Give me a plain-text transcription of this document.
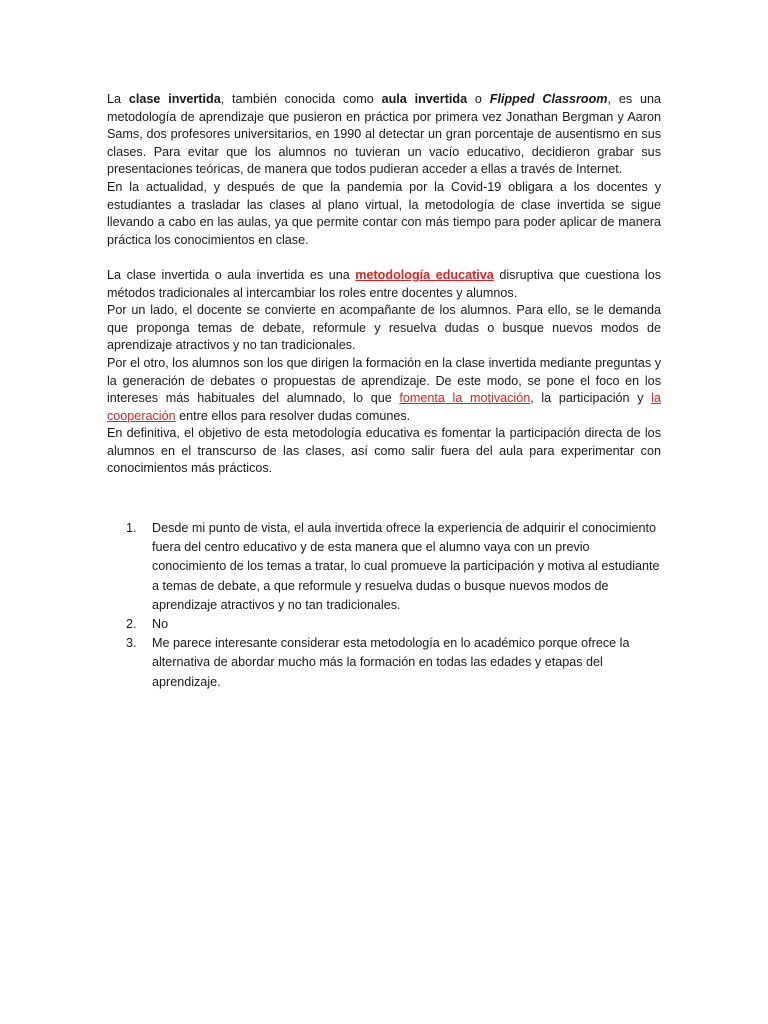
La clase invertida, también conocida como aula invertida o Flipped Classroom, es una metodología de aprendizaje que pusieron en práctica por primera vez Jonathan Bergman y Aaron Sams, dos profesores universitarios, en 1990 al detectar un gran porcentaje de ausentismo en sus clases. Para evitar que los alumnos no tuvieran un vacío educativo, decidieron grabar sus presentaciones teóricas, de manera que todos pudieran acceder a ellas a través de Internet.

En la actualidad, y después de que la pandemia por la Covid-19 obligara a los docentes y estudiantes a trasladar las clases al plano virtual, la metodología de clase invertida se sigue llevando a cabo en las aulas, ya que permite contar con más tiempo para poder aplicar de manera práctica los conocimientos en clase.

La clase invertida o aula invertida es una metodología educativa disruptiva que cuestiona los métodos tradicionales al intercambiar los roles entre docentes y alumnos.

Por un lado, el docente se convierte en acompañante de los alumnos. Para ello, se le demanda que proponga temas de debate, reformule y resuelva dudas o busque nuevos modos de aprendizaje atractivos y no tan tradicionales.

Por el otro, los alumnos son los que dirigen la formación en la clase invertida mediante preguntas y la generación de debates o propuestas de aprendizaje. De este modo, se pone el foco en los intereses más habituales del alumnado, lo que fomenta la motivación, la participación y la cooperación entre ellos para resolver dudas comunes.

En definitiva, el objetivo de esta metodología educativa es fomentar la participación directa de los alumnos en el transcurso de las clases, así como salir fuera del aula para experimentar con conocimientos más prácticos.

1. Desde mi punto de vista, el aula invertida ofrece la experiencia de adquirir el conocimiento fuera del centro educativo y de esta manera que el alumno vaya con un previo conocimiento de los temas a tratar, lo cual promueve la participación y motiva al estudiante a temas de debate, a que reformule y resuelva dudas o busque nuevos modos de aprendizaje atractivos y no tan tradicionales.
2. No
3. Me parece interesante considerar esta metodología en lo académico porque ofrece la alternativa de abordar mucho más la formación en todas las edades y etapas del aprendizaje.
